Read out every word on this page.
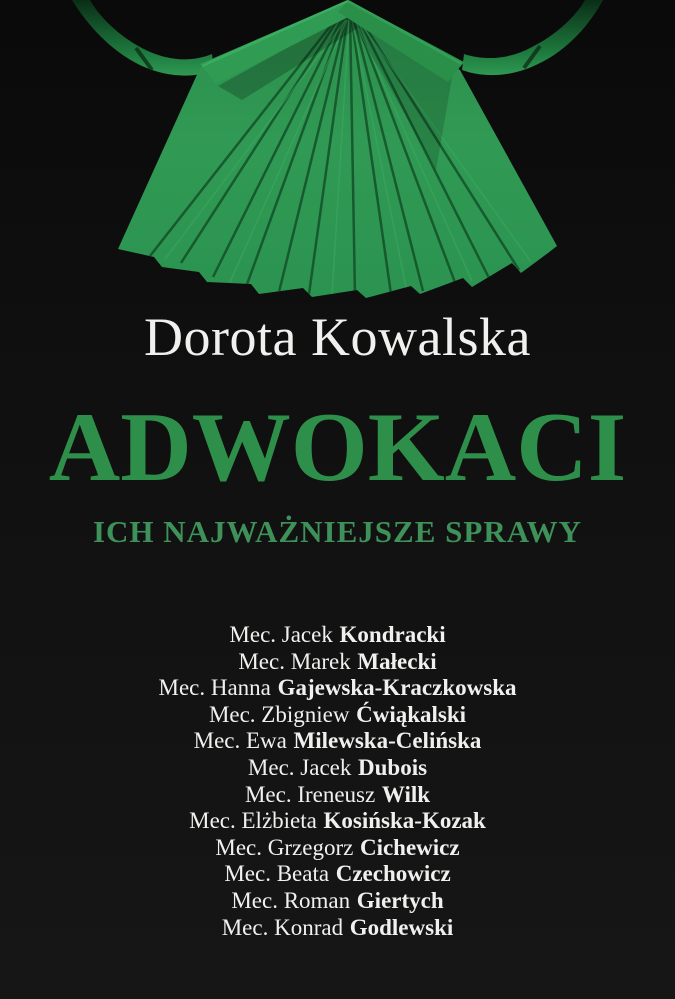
Dorota Kowalska
ADWOKACI
ICH NAJWAŻNIEJSZE SPRAWY
Mec. Jacek Kondracki
Mec. Marek Małecki
Mec. Hanna Gajewska-Kraczkowska
Mec. Zbigniew Ćwiąkalski
Mec. Ewa Milewska-Celińska
Mec. Jacek Dubois
Mec. Ireneusz Wilk
Mec. Elżbieta Kosińska-Kozak
Mec. Grzegorz Cichewicz
Mec. Beata Czechowicz
Mec. Roman Giertych
Mec. Konrad Godlewski
